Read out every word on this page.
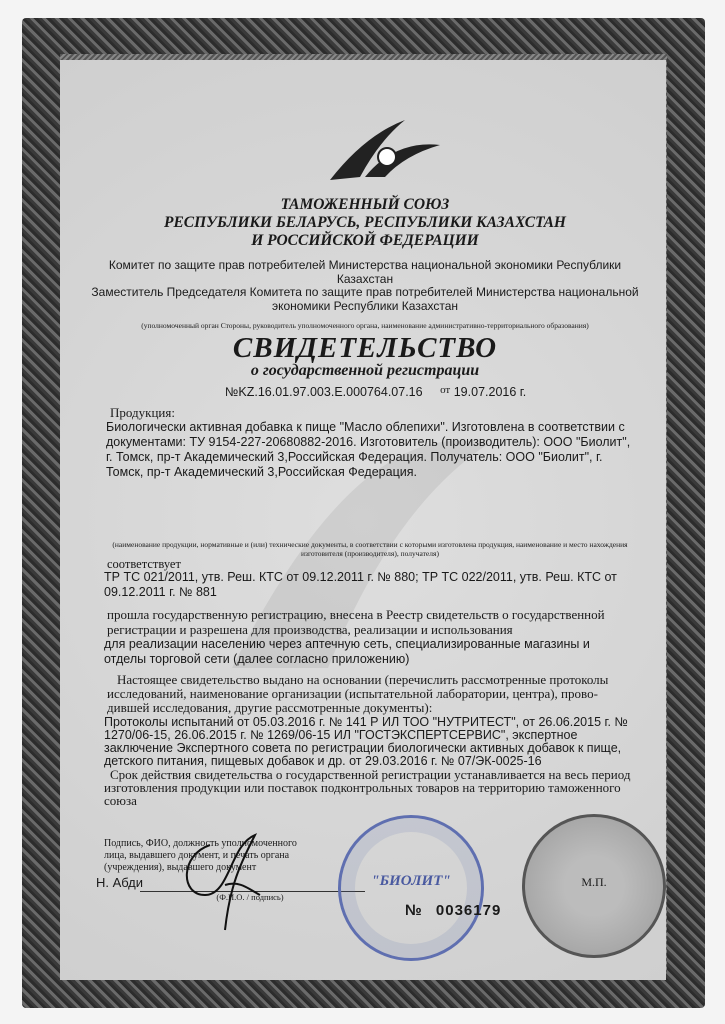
ТАМОЖЕННЫЙ СОЮЗ
РЕСПУБЛИКИ БЕЛАРУСЬ, РЕСПУБЛИКИ КАЗАХСТАН
И РОССИЙСКОЙ ФЕДЕРАЦИИ
Комитет по защите прав потребителей Министерства национальной экономики Республики
Казахстан
Заместитель Председателя Комитета по защите прав потребителей Министерства национальной
экономики Республики Казахстан
(уполномоченный орган Стороны, руководитель уполномоченного органа, наименование административно-территориального образования)
СВИДЕТЕЛЬСТВО
о государственной регистрации
№KZ.16.01.97.003.E.000764.07.16 от 19.07.2016 г.
Продукция:
Биологически активная добавка к пище "Масло облепихи". Изготовлена в соответствии с документами: ТУ 9154-227-20680882-2016. Изготовитель (производитель): ООО "Биолит", г. Томск, пр-т Академический 3,Российская Федерация. Получатель: ООО "Биолит", г. Томск, пр-т Академический 3,Российская Федерация.
(наименование продукции, нормативные и (или) технические документы, в соответствии с которыми изготовлена продукция, наименование и место нахождения изготовителя (производителя), получателя)
соответствует
ТР ТС 021/2011, утв. Реш. КТС от 09.12.2011 г. № 880; ТР ТС 022/2011, утв. Реш. КТС от 09.12.2011 г. № 881
прошла государственную регистрацию, внесена в Реестр свидетельств о государственной регистрации и разрешена для производства, реализации и использования
для реализации населению через аптечную сеть, специализированные магазины и отделы торговой сети (далее согласно приложению)
Настоящее свидетельство выдано на основании (перечислить рассмотренные протоколы исследований, наименование организации (испытательной лаборатории, центра), прово-дившей исследования, другие рассмотренные документы):
Протоколы испытаний от 05.03.2016 г. № 141 Р ИЛ ТОО "НУТРИТЕСТ", от 26.06.2015 г. № 1270/06-15, 26.06.2015 г. № 1269/06-15 ИЛ "ГОСТЭКСПЕРТСЕРВИС", экспертное заключение Экспертного совета по регистрации биологически активных добавок к пище, детского питания, пищевых добавок и др. от 29.03.2016 г. № 07/ЭК-0025-16
Срок действия свидетельства о государственной регистрации устанавливается на весь период изготовления продукции или поставок подконтрольных товаров на территорию таможенного союза
Подпись, ФИО, должность уполномоченного лица, выдавшего документ, и печать органа (учреждения), выдавшего документ
Н. Абди
(Ф.И.О. / подпись)
"БИОЛИТ"	М.П.
№ 0036179
